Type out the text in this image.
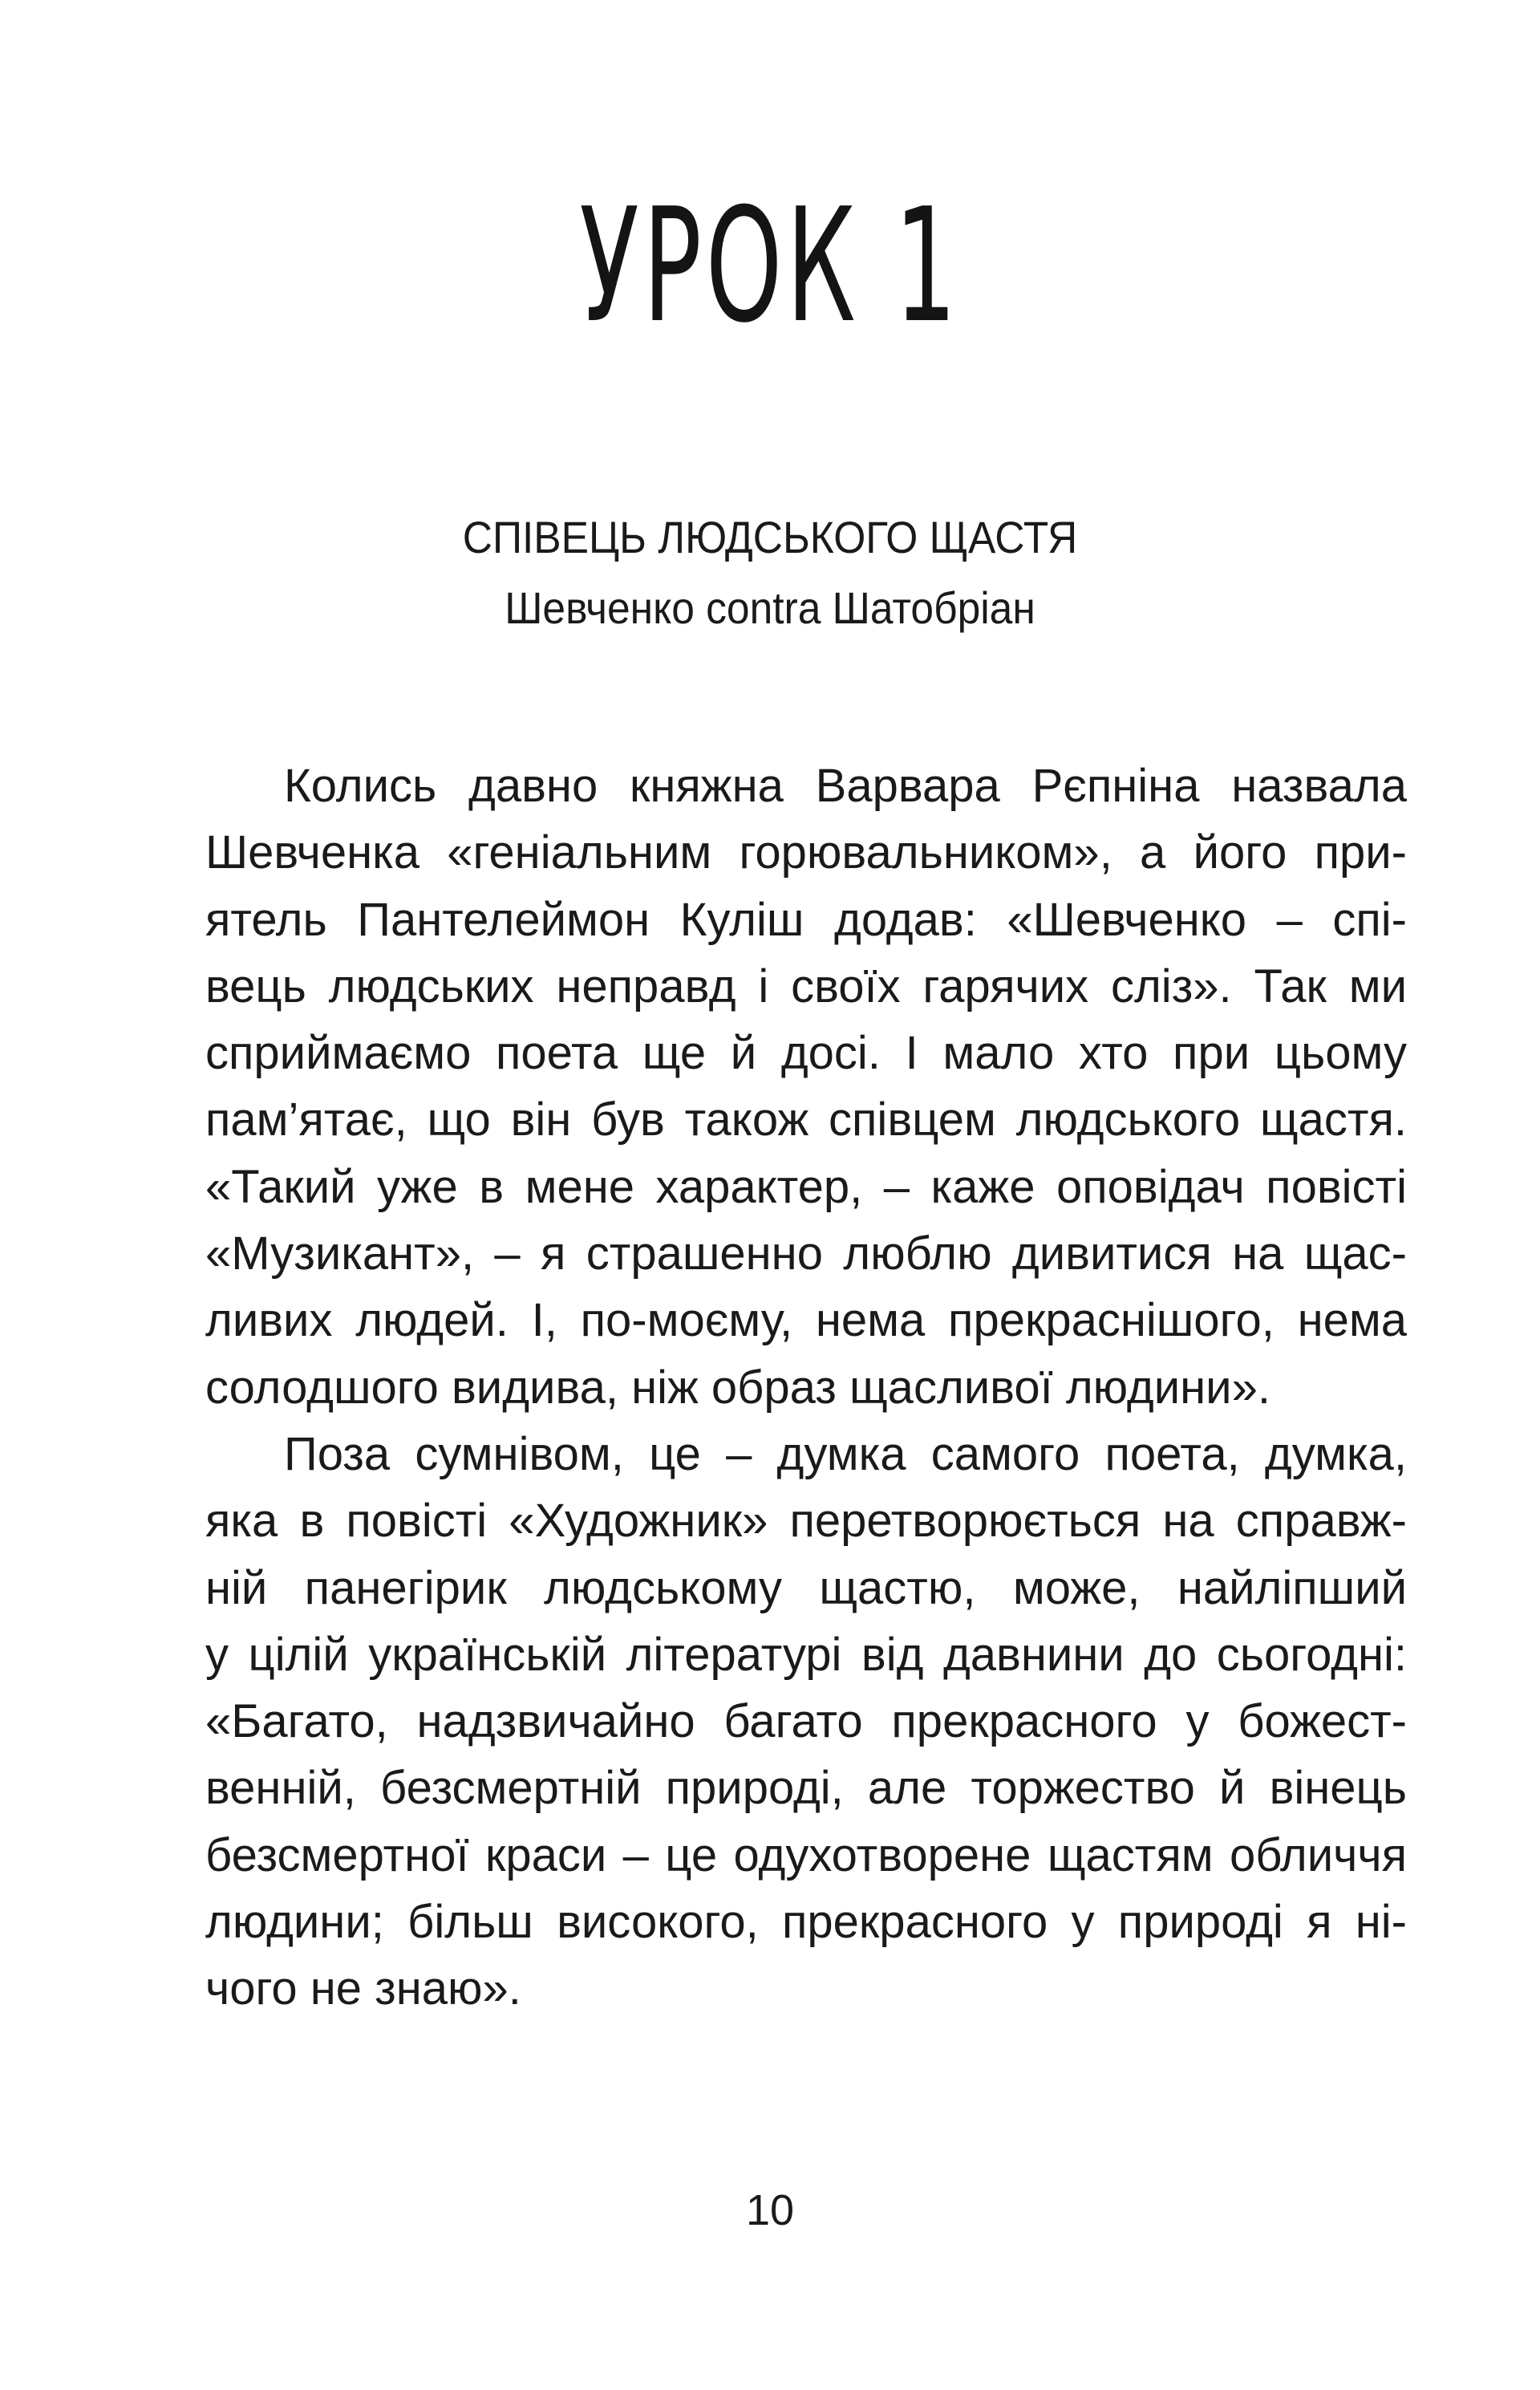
УРОК 1
СПІВЕЦЬ ЛЮДСЬКОГО ЩАСТЯ
Шевченко contra Шатобріан
Колись давно княжна Варвара Рєпніна назвала
Шевченка «геніальним горювальником», а його при-
ятель Пантелеймон Куліш додав: «Шевченко – спі-
вець людських неправд і своїх гарячих сліз». Так ми
сприймаємо поета ще й досі. І мало хто при цьому
пам’ятає, що він був також співцем людського щастя.
«Такий уже в мене характер, – каже оповідач повісті
«Музикант», – я страшенно люблю дивитися на щас-
ливих людей. І, по-моєму, нема прекраснішого, нема
солодшого видива, ніж образ щасливої людини».
Поза сумнівом, це – думка самого поета, думка,
яка в повісті «Художник» перетворюється на справж-
ній панегірик людському щастю, може, найліпший
у цілій українській літературі від давнини до сьогодні:
«Багато, надзвичайно багато прекрасного у божест-
венній, безсмертній природі, але торжество й вінець
безсмертної краси – це одухотворене щастям обличчя
людини; більш високого, прекрасного у природі я ні-
чого не знаю».
10
